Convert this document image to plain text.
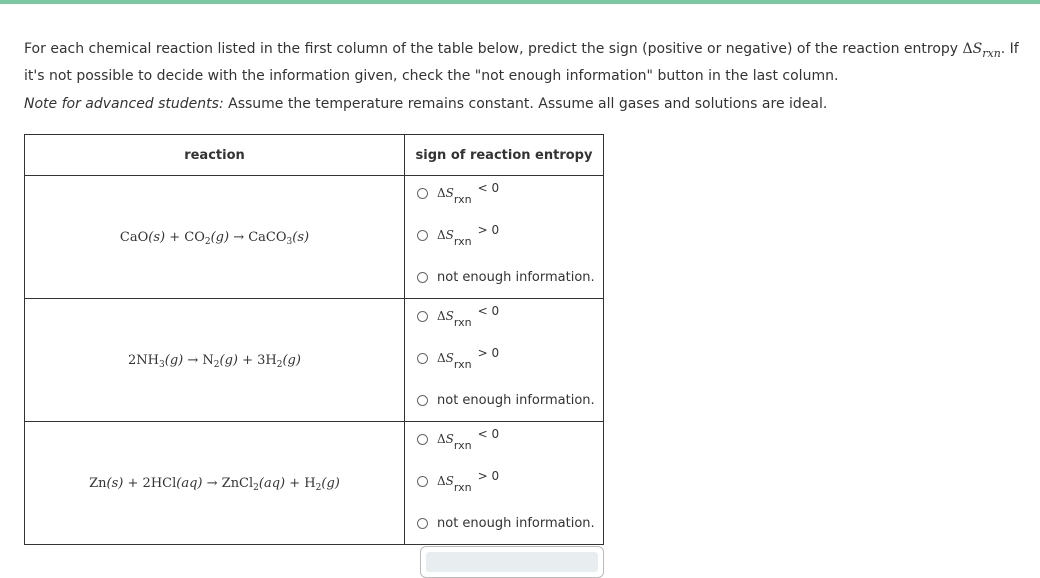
For each chemical reaction listed in the first column of the table below, predict the sign (positive or negative) of the reaction entropy $\Delta S_{rxn}$. If it's not possible to decide with the information given, check the "not enough information" button in the last column.
Note for advanced students: Assume the temperature remains constant. Assume all gases and solutions are ideal.
reaction	sign of reaction entropy
$CaO(s) + CO_2(g)$ → CaCO$_3$(s)	ΔSrxn
< 0
ΔSrxn
> 0
not enough information.

$2NH_3(g) \to N_2(g) + 3H_2(g)$	ΔSrxn
< 0
ΔSrxn
> 0
not enough information.

Zn(s) + 2HCl(aq) → ZnCl$_2$(aq) + $H_2(g)$	ΔSrxn
< 0
ΔSrxn
> 0
not enough information.
